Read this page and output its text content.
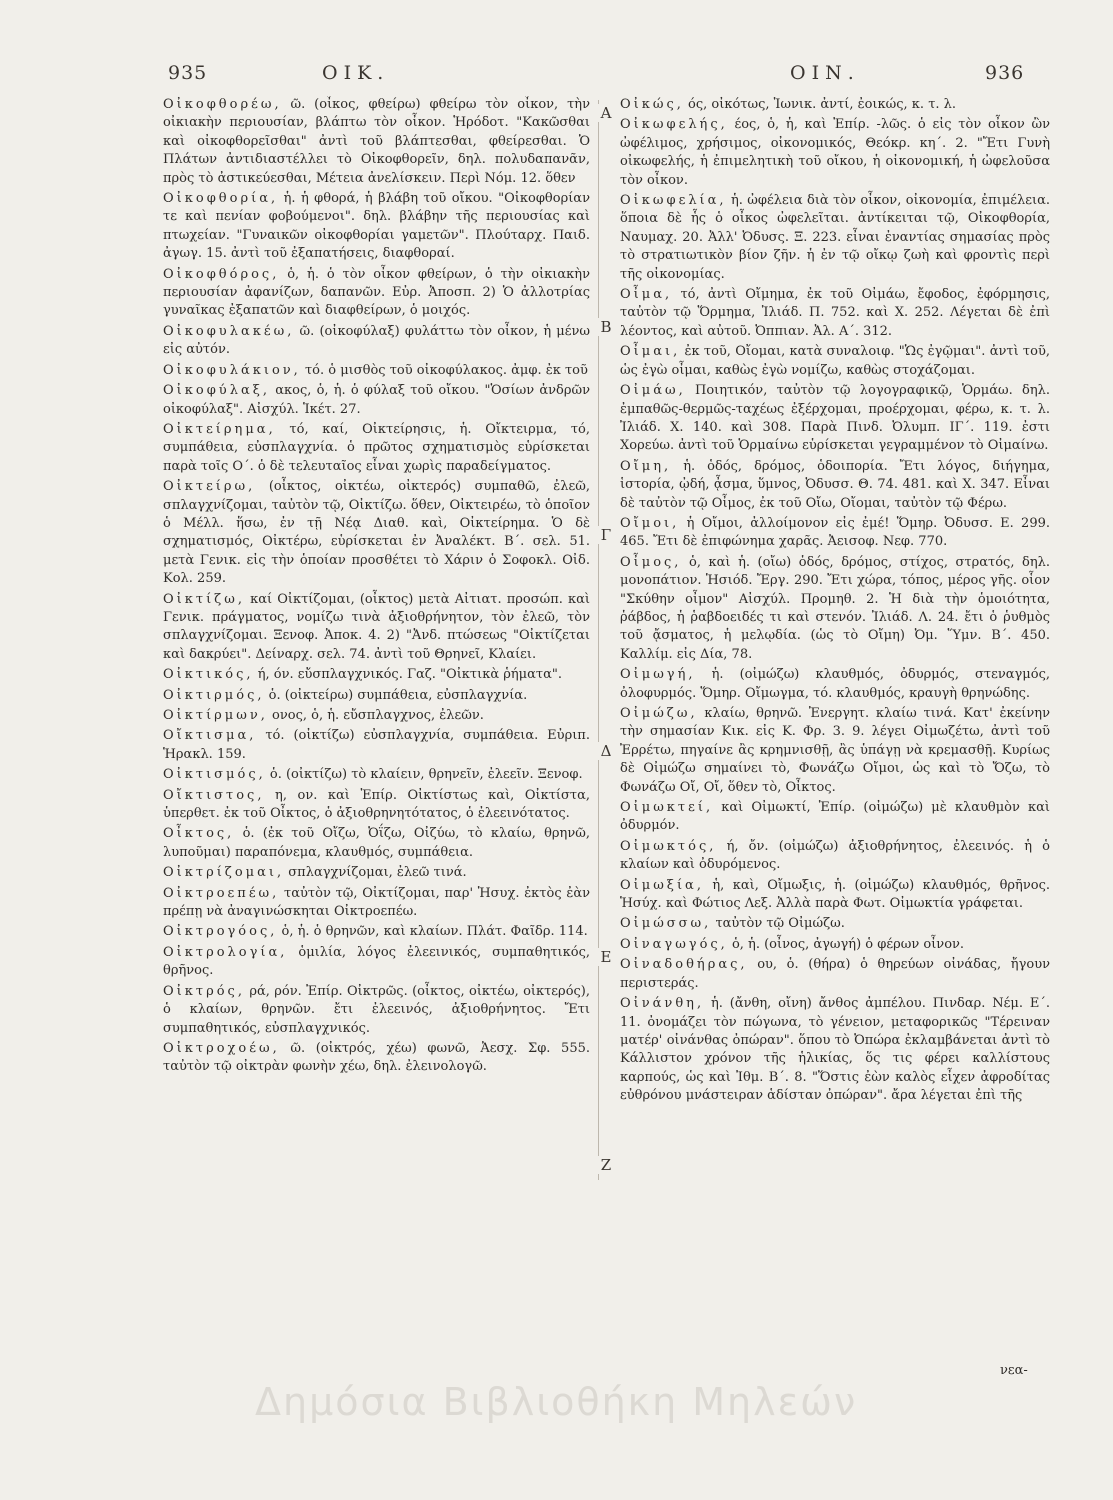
935	ΟΙΚ.	ΟΙΝ.	936

Οἰκοφθορέω, ῶ. (οἶκος, φθείρω) φθείρω τὸν οἶκον, τὴν οἰκιακὴν περιουσίαν, βλάπτω τὸν οἶκον. Ἡρόδοτ. "Κακῶσθαι καὶ οἰκοφθορεῖσθαι" ἀντὶ τοῦ βλάπτεσθαι, φθείρεσθαι. Ὁ Πλάτων ἀντιδιαστέλλει τὸ Οἰκοφθορεῖν, δηλ. πολυδαπανᾶν, πρὸς τὸ ἀστικεύεσθαι, Μέτεια ἀνελίσκειν. Περὶ Νόμ. 12. ὅθεν

Οἰκοφθορία, ἡ. ἡ φθορά, ἡ βλάβη τοῦ οἴκου. "Οἰκοφθορίαν τε καὶ πενίαν φοβούμενοι". δηλ. βλάβην τῆς περιουσίας καὶ πτωχείαν. "Γυναικῶν οἰκοφθορίαι γαμετῶν". Πλούταρχ. Παιδ. ἀγωγ. 15. ἀντὶ τοῦ ἐξαπατήσεις, διαφθοραί.

Οἰκοφθόρος, ὁ, ἡ. ὁ τὸν οἶκον φθείρων, ὁ τὴν οἰκιακὴν περιουσίαν ἀφανίζων, δαπανῶν. Εὐρ. Ἀποσπ. 2) Ὁ ἀλλοτρίας γυναῖκας ἐξαπατῶν καὶ διαφθείρων, ὁ μοιχός.

Οἰκοφυλακέω, ῶ. (οἰκοφύλαξ) φυλάττω τὸν οἶκον, ἡ μένω εἰς αὐτόν.

Οἰκοφυλάκιον, τό. ὁ μισθὸς τοῦ οἰκοφύλακος. ἀμφ. ἐκ τοῦ

Οἰκοφύλαξ, ακος, ὁ, ἡ. ὁ φύλαξ τοῦ οἴκου. "Ὁσίων ἀνδρῶν οἰκοφύλαξ". Αἰσχύλ. Ἱκέτ. 27.

Οἰκτείρημα, τό, καί, Οἰκτείρησις, ἡ. Οἴκτειρμα, τό, συμπάθεια, εὐσπλαγχνία. ὁ πρῶτος σχηματισμὸς εὑρίσκεται παρὰ τοῖς Ο΄. ὁ δὲ τελευταῖος εἶναι χωρὶς παραδείγματος.

Οἰκτείρω, (οἶκτος, οἰκτέω, οἰκτερός) συμπαθῶ, ἐλεῶ, σπλαγχνίζομαι, ταὐτὸν τῷ, Οἰκτίζω. ὅθεν, Οἰκτειρέω, τὸ ὁποῖον ὁ Μέλλ. ἥσω, ἐν τῇ Νέᾳ Διαθ. καὶ, Οἰκτείρημα. Ὁ δὲ σχηματισμός, Οἰκτέρω, εὑρίσκεται ἐν Ἀναλέκτ. Β΄. σελ. 51. μετὰ Γενικ. εἰς τὴν ὁποίαν προσθέτει τὸ Χάριν ὁ Σοφοκλ. Οἰδ. Κολ. 259.

Οἰκτίζω, καί Οἰκτίζομαι, (οἶκτος) μετὰ Αἰτιατ. προσώπ. καὶ Γενικ. πράγματος, νομίζω τινὰ ἀξιοθρήνητον, τὸν ἐλεῶ, τὸν σπλαγχνίζομαι. Ξενοφ. Ἀποκ. 4. 2) "Ἀνδ. πτώσεως "Οἰκτίζεται καὶ δακρύει". Δείναρχ. σελ. 74. ἀντὶ τοῦ Θρηνεῖ, Κλαίει.

Οἰκτικός, ή, όν. εὔσπλαγχνικός. Γαζ. "Οἰκτικὰ ῥήματα".

Οἰκτιρμός, ὁ. (οἰκτείρω) συμπάθεια, εὐσπλαγχνία.

Οἰκτίρμων, ονος, ὁ, ἡ. εὔσπλαγχνος, ἐλεῶν.

Οἴκτισμα, τό. (οἰκτίζω) εὐσπλαγχνία, συμπάθεια. Εὐριπ. Ἡρακλ. 159.

Οἰκτισμός, ὁ. (οἰκτίζω) τὸ κλαίειν, θρηνεῖν, ἐλεεῖν. Ξενοφ.

Οἴκτιστος, η, ον. καὶ Ἐπίρ. Οἰκτίστως καὶ, Οἰκτίστα, ὑπερθετ. ἐκ τοῦ Οἶκτος, ὁ ἀξιοθρηνητότατος, ὁ ἐλεεινότατος.

Οἶκτος, ὁ. (ἐκ τοῦ Οἴζω, Ὀΐζω, Οἰζύω, τὸ κλαίω, θρηνῶ, λυποῦμαι) παραπόνεμα, κλαυθμός, συμπάθεια.

Οἰκτρίζομαι, σπλαγχνίζομαι, ἐλεῶ τινά.

Οἰκτροεπέω, ταὐτὸν τῷ, Οἰκτίζομαι, παρ' Ἡσυχ. ἐκτὸς ἐὰν πρέπῃ νὰ ἀναγινώσκηται Οἰκτροεπέω.

Οἰκτρογόος, ὁ, ἡ. ὁ θρηνῶν, καὶ κλαίων. Πλάτ. Φαῖδρ. 114.

Οἰκτρολογία, ὁμιλία, λόγος ἐλεεινικός, συμπαθητικός, θρῆνος.

Οἰκτρός, ρά, ρόν. Ἐπίρ. Οἰκτρῶς. (οἶκτος, οἰκτέω, οἰκτερός), ὁ κλαίων, θρηνῶν. ἔτι ἐλεεινός, ἀξιοθρήνητος. Ἔτι συμπαθητικός, εὐσπλαγχνικός.

Οἰκτροχοέω, ῶ. (οἰκτρός, χέω) φωνῶ, Ἀεσχ. Σφ. 555. ταὐτὸν τῷ οἰκτρὰν φωνὴν χέω, δηλ. ἐλεινολογῶ.

Οἰκώς, ός, οἰκότως, Ἰωνικ. ἀντί, ἐοικώς, κ. τ. λ.

Οἰκωφελής, έος, ὁ, ἡ, καὶ Ἐπίρ. -λῶς. ὁ εἰς τὸν οἶκον ὢν ὠφέλιμος, χρήσιμος, οἰκονομικός, Θεόκρ. κη΄. 2. "Ἔτι Γυνὴ οἰκωφελής, ἡ ἐπιμελητικὴ τοῦ οἴκου, ἡ οἰκονομική, ἡ ὠφελοῦσα τὸν οἶκον.

Οἰκωφελία, ἡ. ὠφέλεια διὰ τὸν οἶκον, οἰκονομία, ἐπιμέλεια. ὅποια δὲ ἧς ὁ οἶκος ὠφελεῖται. ἀντίκειται τῷ, Οἰκοφθορία, Ναυμαχ. 20. Ἀλλ' Ὀδυσς. Ξ. 223. εἶναι ἐναντίας σημασίας πρὸς τὸ στρατιωτικὸν βίον ζῆν. ἡ ἐν τῷ οἴκῳ ζωὴ καὶ φροντὶς περὶ τῆς οἰκονομίας.

Οἶμα, τό, ἀντὶ Οἴμημα, ἐκ τοῦ Οἰμάω, ἔφοδος, ἐφόρμησις, ταὐτὸν τῷ Ὅρμημα, Ἰλιάδ. Π. 752. καὶ Χ. 252. Λέγεται δὲ ἐπὶ λέοντος, καὶ αὐτοῦ. Ὀππιαν. Ἀλ. Α΄. 312.

Οἶμαι, ἐκ τοῦ, Οἴομαι, κατὰ συναλοιφ. "Ὡς ἐγῷμαι". ἀντὶ τοῦ, ὡς ἐγὼ οἶμαι, καθὼς ἐγὼ νομίζω, καθὼς στοχάζομαι.

Οἰμάω, Ποιητικόν, ταὐτὸν τῷ λογογραφικῷ, Ὁρμάω. δηλ. ἐμπαθῶς-θερμῶς-ταχέως ἐξέρχομαι, προέρχομαι, φέρω, κ. τ. λ. Ἰλιάδ. Χ. 140. καὶ 308. Παρὰ Πινδ. Ὀλυμπ. ΙΓ΄. 119. ἐστι Χορεύω. ἀντὶ τοῦ Ὁρμαίνω εὑρίσκεται γεγραμμένον τὸ Οἰμαίνω.

Οἴμη, ἡ. ὁδός, δρόμος, ὁδοιπορία. Ἔτι λόγος, διήγημα, ἱστορία, ᾠδή, ᾆσμα, ὕμνος, Ὀδυσσ. Θ. 74. 481. καὶ Χ. 347. Εἶναι δὲ ταὐτὸν τῷ Οἶμος, ἐκ τοῦ Οἴω, Οἴομαι, ταὐτὸν τῷ Φέρω.

Οἴμοι, ἡ Οἴμοι, ἀλλοίμονον εἰς ἐμέ! Ὅμηρ. Ὀδυσσ. Ε. 299. 465. Ἔτι δὲ ἐπιφώνημα χαρᾶς. Ἀεισοφ. Νεφ. 770.

Οἶμος, ὁ, καὶ ἡ. (οἴω) ὁδός, δρόμος, στίχος, στρατός, δηλ. μονοπάτιον. Ἡσιόδ. Ἔργ. 290. Ἔτι χώρα, τόπος, μέρος γῆς. οἷον "Σκύθην οἶμον" Αἰσχύλ. Προμηθ. 2. Ἡ διὰ τὴν ὁμοιότητα, ῥάβδος, ἡ ῥαβδοειδές τι καὶ στενόν. Ἰλιάδ. Λ. 24. ἔτι ὁ ῥυθμὸς τοῦ ᾄσματος, ἡ μελῳδία. (ὡς τὸ Οἴμη) Ὀμ. Ὕμν. Β΄. 450. Καλλίμ. εἰς Δία, 78.

Οἰμωγή, ἡ. (οἰμώζω) κλαυθμός, ὀδυρμός, στεναγμός, ὀλοφυρμός. Ὅμηρ. Οἴμωγμα, τό. κλαυθμός, κραυγὴ θρηνώδης.

Οἰμώζω, κλαίω, θρηνῶ. Ἐνεργητ. κλαίω τινά. Κατ' ἐκείνην τὴν σημασίαν Κικ. εἰς Κ. Φρ. 3. 9. λέγει Οἰμωζέτω, ἀντὶ τοῦ Ἐρρέτω, πηγαίνε ἂς κρημνισθῇ, ἂς ὑπάγῃ νὰ κρεμασθῇ. Κυρίως δὲ Οἰμώζω σημαίνει τὸ, Φωνάζω Οἴμοι, ὡς καὶ τὸ Ὄζω, τὸ Φωνάζω Οἴ, Οἴ, ὅθεν τὸ, Οἶκτος.

Οἰμωκτεί, καὶ Οἰμωκτί, Ἐπίρ. (οἰμώζω) μὲ κλαυθμὸν καὶ ὀδυρμόν.

Οἰμωκτός, ή, ὄν. (οἰμώζω) ἀξιοθρήνητος, ἐλεεινός. ἡ ὁ κλαίων καὶ ὀδυρόμενος.

Οἰμωξία, ἡ, καὶ, Οἴμωξις, ἡ. (οἰμώζω) κλαυθμός, θρῆνος. Ἡσύχ. καὶ Φώτιος Λεξ. Ἀλλὰ παρὰ Φωτ. Οἰμωκτία γράφεται.

Οἰμώσσω, ταὐτὸν τῷ Οἰμώζω.

Οἰναγωγός, ὁ, ἡ. (οἶνος, ἀγωγή) ὁ φέρων οἶνον.

Οἰναδοθήρας, ου, ὁ. (θήρα) ὁ θηρεύων οἰνάδας, ἤγουν περιστεράς.

Οἰνάνθη, ἡ. (ἄνθη, οἴνη) ἄνθος ἀμπέλου. Πινδαρ. Νέμ. Ε΄. 11. ὀνομάζει τὸν πώγωνα, τὸ γένειον, μεταφορικῶς "Τέρειναν ματέρ' οἰνάνθας ὀπώραν". ὅπου τὸ Ὀπώρα ἐκλαμβάνεται ἀντὶ τὸ Κάλλιστον χρόνον τῆς ἡλικίας, ὅς τις φέρει καλλίστους καρπούς, ὡς καὶ Ἰθμ. Β΄. 8. "Ὅστις ἐὼν καλὸς εἶχεν ἀφροδίτας εὐθρόνου μνάστειραν ἁδίσταν ὀπώραν". ἄρα λέγεται ἐπὶ τῆς

Α
Β
Γ
Δ
Ε
Ζ
νεα-
Δημόσια Βιβλιοθήκη Μηλεών
